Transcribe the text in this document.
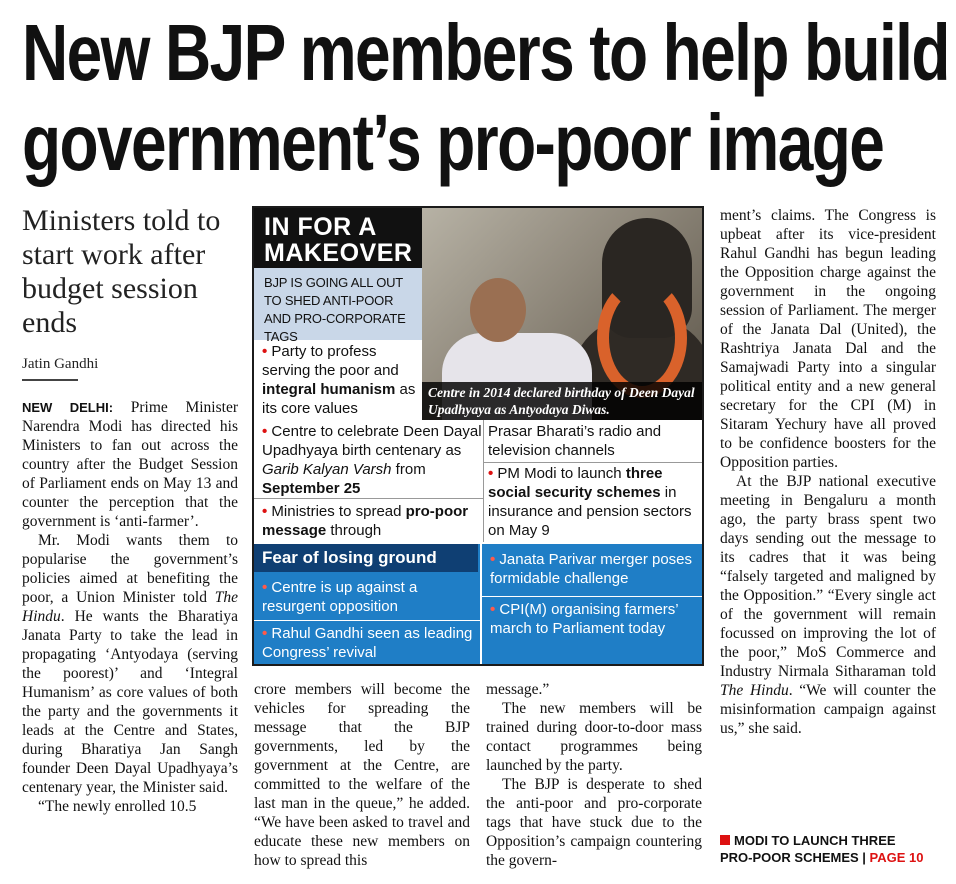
New BJP members to help build
government’s pro-poor image
Ministers told to start work after budget session ends
Jatin Gandhi

NEW DELHI: Prime Minister Narendra Modi has directed his Ministers to fan out across the country after the Budget Session of Parliament ends on May 13 and counter the perception that the government is ‘anti-farmer’.

Mr. Modi wants them to popularise the government’s policies aimed at benefiting the poor, a Union Minister told The Hindu. He wants the Bharatiya Janata Party to take the lead in propagating ‘Antyodaya (serving the poorest)’ and ‘Integral Humanism’ as core values of both the party and the governments it leads at the Centre and States, during Bharatiya Jan Sangh founder Deen Dayal Upadhyaya’s centenary year, the Minister said.

“The newly enrolled 10.5

IN FOR A MAKEOVER
BJP IS GOING ALL OUT TO SHED ANTI-POOR AND PRO-CORPORATE TAGS
Centre in 2014 declared birthday of Deen Dayal Upadhyaya as Antyodaya Diwas.
• Party to profess serving the poor and integral humanism as its core values
• Centre to celebrate Deen Dayal Upadhyaya birth centenary as Garib Kalyan Varsh from September 25
• Ministries to spread pro-poor message through
Prasar Bharati’s radio and television channels
• PM Modi to launch three social security schemes in insurance and pension sectors on May 9
Fear of losing ground
• Centre is up against a resurgent opposition
• Rahul Gandhi seen as leading Congress’ revival
• Janata Parivar merger poses formidable challenge
• CPI(M) organising farmers’ march to Parliament today

crore members will become the vehicles for spreading the message that the BJP governments, led by the government at the Centre, are committed to the welfare of the last man in the queue,” he added. “We have been asked to travel and educate these new members on how to spread this

message.”

The new members will be trained during door-to-door mass contact programmes being launched by the party.

The BJP is desperate to shed the anti-poor and pro-corporate tags that have stuck due to the Opposition’s campaign countering the govern-

ment’s claims. The Congress is upbeat after its vice-president Rahul Gandhi has begun leading the Opposition charge against the government in the ongoing session of Parliament. The merger of the Janata Dal (United), the Rashtriya Janata Dal and the Samajwadi Party into a singular political entity and a new general secretary for the CPI (M) in Sitaram Yechury have all proved to be confidence boosters for the Opposition parties.

At the BJP national executive meeting in Bengaluru a month ago, the party brass spent two days sending out the message to its cadres that it was being “falsely targeted and maligned by the Opposition.” “Every single act of the government will remain focussed on improving the lot of the poor,” MoS Commerce and Industry Nirmala Sitharaman told The Hindu. “We will counter the misinformation campaign against us,” she said.

MODI TO LAUNCH THREE
PRO-POOR SCHEMES | PAGE 10
